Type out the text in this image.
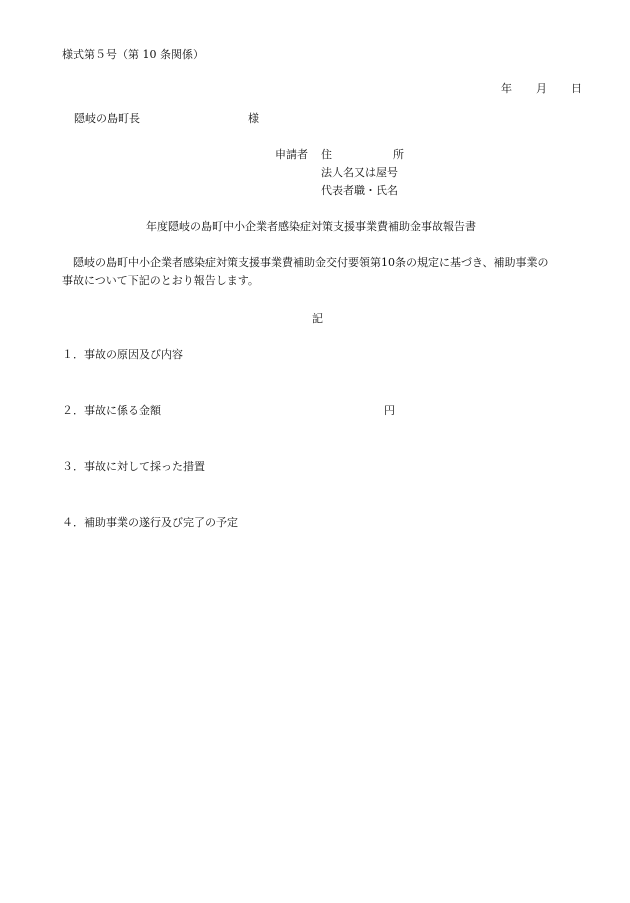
様式第５号（第 10 条関係）
年 月 日
隠岐の島町長	様
申請者 住	所
法人名又は屋号
代表者職・氏名
年度隠岐の島町中小企業者感染症対策支援事業費補助金事故報告書
隠岐の島町中小企業者感染症対策支援事業費補助金交付要領第10条の規定に基づき、補助事業の
事故について下記のとおり報告します。
記
１．事故の原因及び内容
２．事故に係る金額	円
３．事故に対して採った措置
４．補助事業の遂行及び完了の予定
